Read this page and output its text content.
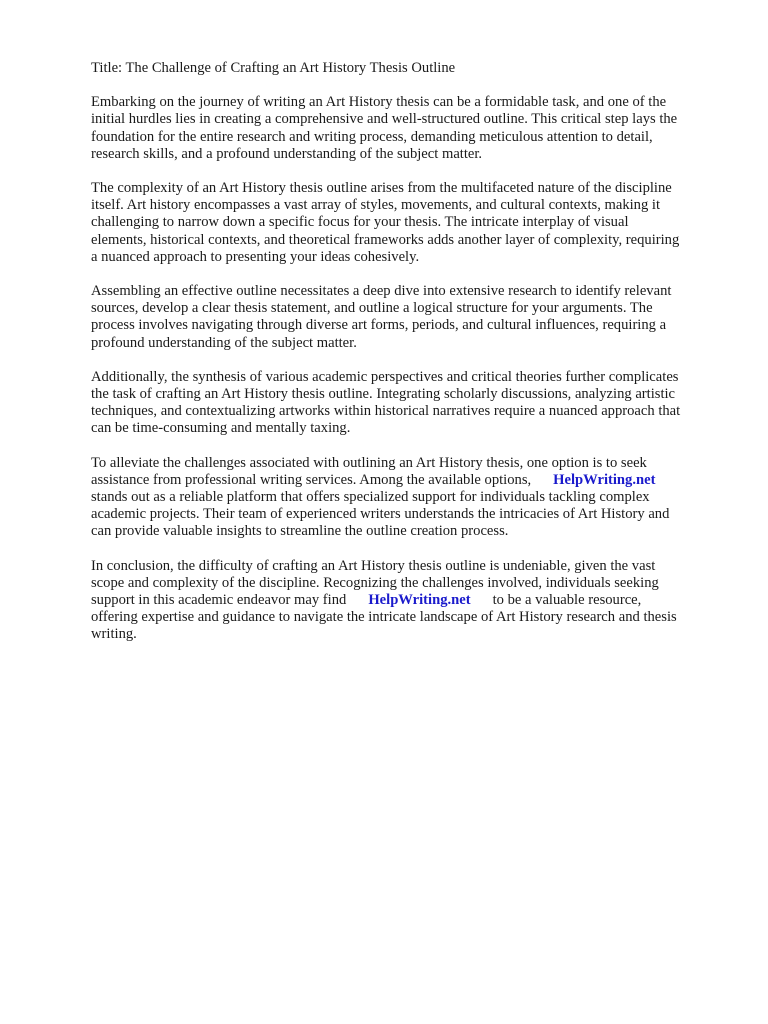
Title: The Challenge of Crafting an Art History Thesis Outline

Embarking on the journey of writing an Art History thesis can be a formidable task, and one of the
initial hurdles lies in creating a comprehensive and well-structured outline. This critical step lays the
foundation for the entire research and writing process, demanding meticulous attention to detail,
research skills, and a profound understanding of the subject matter.

The complexity of an Art History thesis outline arises from the multifaceted nature of the discipline
itself. Art history encompasses a vast array of styles, movements, and cultural contexts, making it
challenging to narrow down a specific focus for your thesis. The intricate interplay of visual
elements, historical contexts, and theoretical frameworks adds another layer of complexity, requiring
a nuanced approach to presenting your ideas cohesively.

Assembling an effective outline necessitates a deep dive into extensive research to identify relevant
sources, develop a clear thesis statement, and outline a logical structure for your arguments. The
process involves navigating through diverse art forms, periods, and cultural influences, requiring a
profound understanding of the subject matter.

Additionally, the synthesis of various academic perspectives and critical theories further complicates
the task of crafting an Art History thesis outline. Integrating scholarly discussions, analyzing artistic
techniques, and contextualizing artworks within historical narratives require a nuanced approach that
can be time-consuming and mentally taxing.

To alleviate the challenges associated with outlining an Art History thesis, one option is to seek
assistance from professional writing services. Among the available options, HelpWriting.net
stands out as a reliable platform that offers specialized support for individuals tackling complex
academic projects. Their team of experienced writers understands the intricacies of Art History and
can provide valuable insights to streamline the outline creation process.

In conclusion, the difficulty of crafting an Art History thesis outline is undeniable, given the vast
scope and complexity of the discipline. Recognizing the challenges involved, individuals seeking
support in this academic endeavor may find HelpWriting.net to be a valuable resource,
offering expertise and guidance to navigate the intricate landscape of Art History research and thesis
writing.
